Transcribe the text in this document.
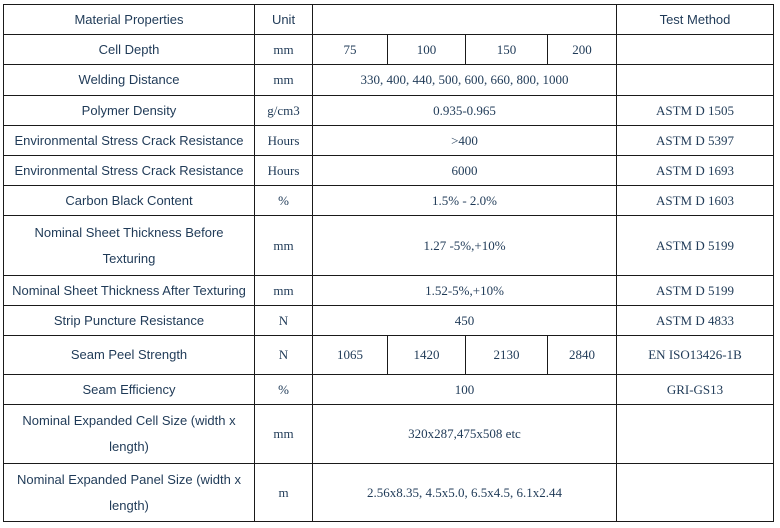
Material Properties	Unit					Test Method
Cell Depth	mm	75	100	150	200	
Welding Distance	mm	330, 400, 440, 500, 600, 660, 800, 1000				
Polymer Density	g/cm3	0.935-0.965				ASTM D 1505
Environmental Stress Crack Resistance	Hours	>400				ASTM D 5397
Environmental Stress Crack Resistance	Hours	6000				ASTM D 1693
Carbon Black Content	%	1.5% - 2.0%				ASTM D 1603
Nominal Sheet Thickness Before Texturing	mm	1.27 -5%,+10%				ASTM D 5199
Nominal Sheet Thickness After Texturing	mm	1.52-5%,+10%				ASTM D 5199
Strip Puncture Resistance	N	450				ASTM D 4833
Seam Peel Strength	N	1065	1420	2130	2840	EN ISO13426-1B
Seam Efficiency	%	100				GRI-GS13
Nominal Expanded Cell Size (width x length)	mm	320x287,475x508 etc				
Nominal Expanded Panel Size (width x length)	m	2.56x8.35, 4.5x5.0, 6.5x4.5, 6.1x2.44				
